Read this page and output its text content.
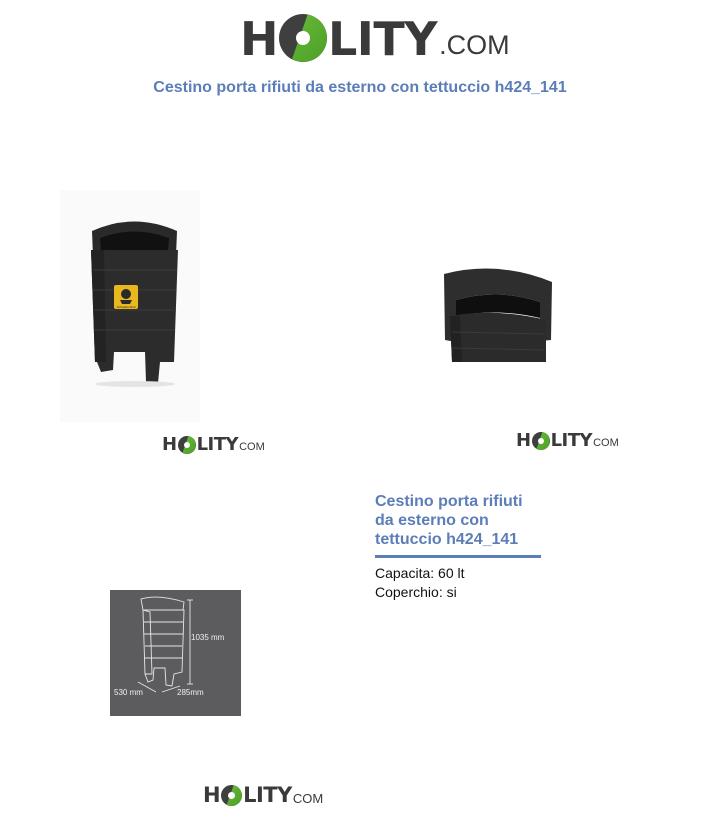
H LITY .COM
Cestino porta rifiuti da esterno con tettuccio h424_141
Schwabenthal
H LITY COM	H LITY COM
Cestino porta rifiuti da esterno con tettuccio h424_141
Capacita: 60 lt
Coperchio: si
1035 mm
530 mm	285mm
H LITY COM
